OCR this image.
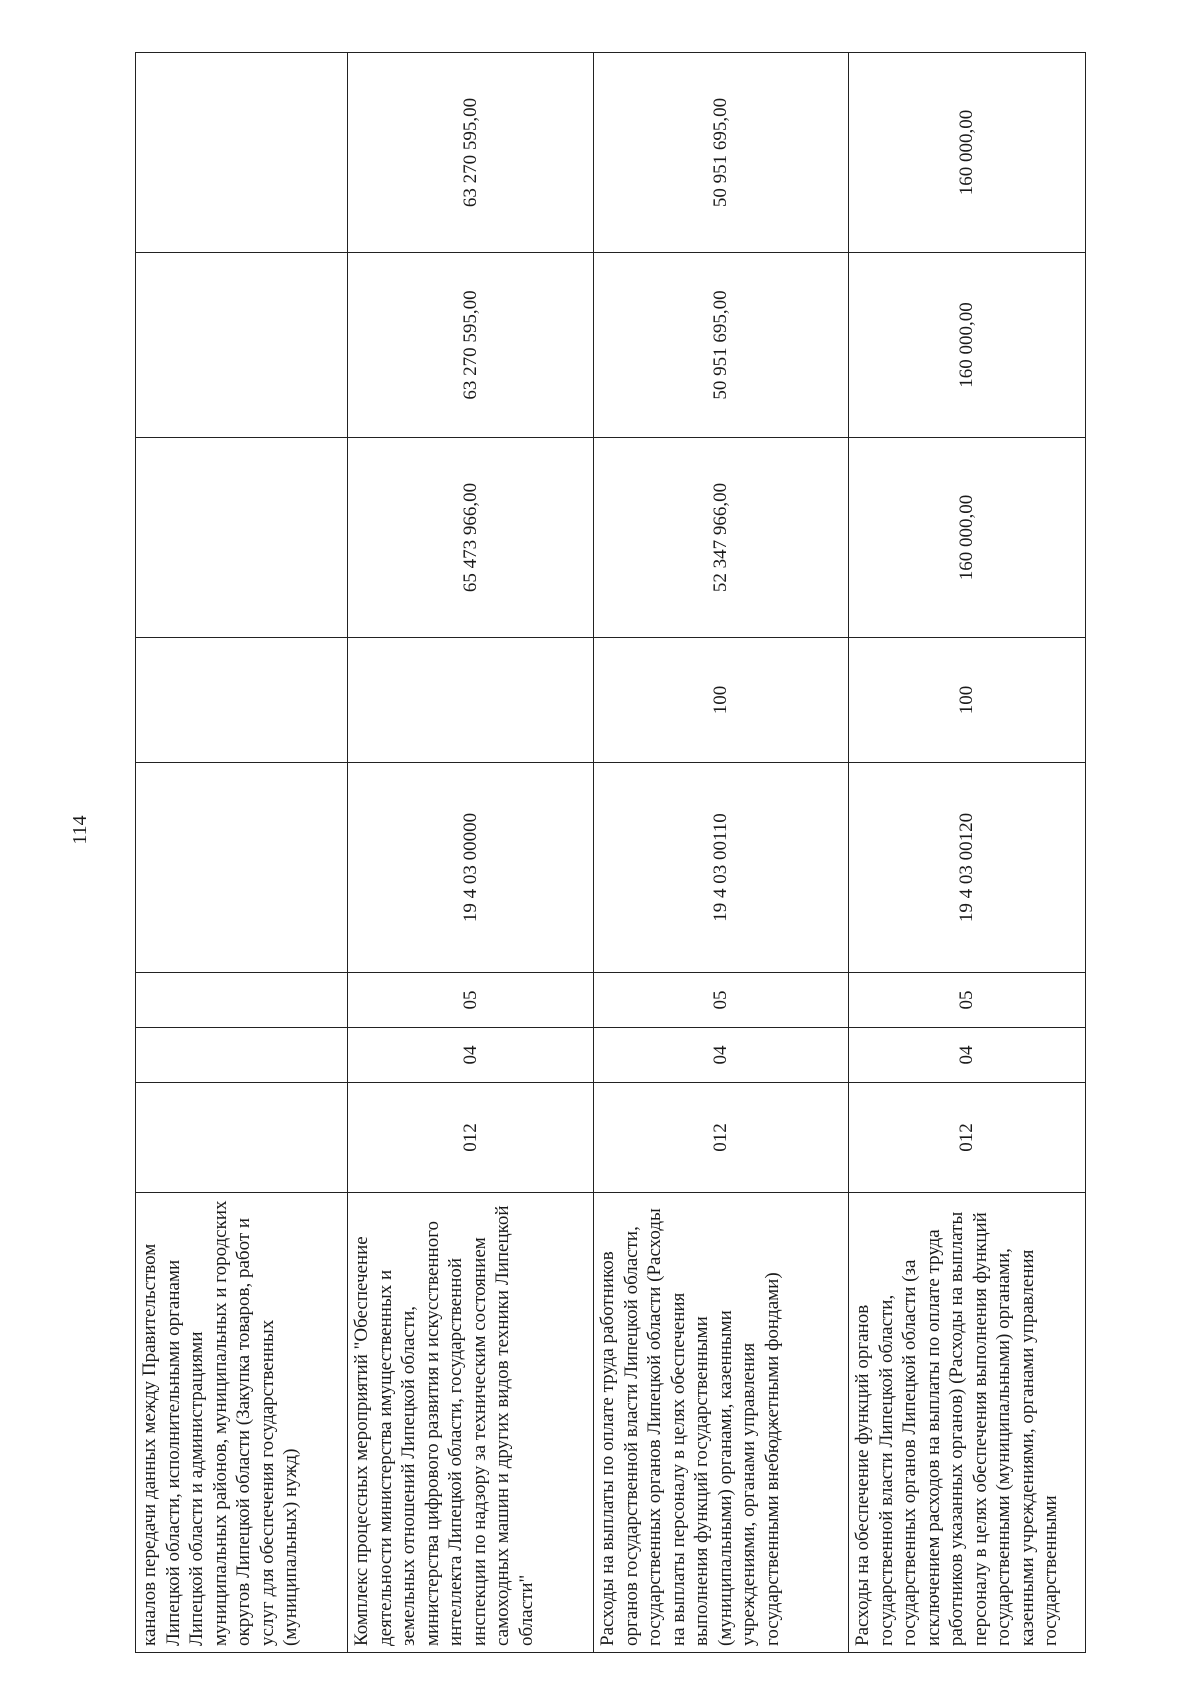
114
каналов передачи данных между Правительством Липецкой области, исполнительными органами Липецкой области и администрациями муниципальных районов, муниципальных и городских округов Липецкой области (Закупка товаров, работ и услуг для обеспечения государственных (муниципальных) нужд)								
Комплекс процессных мероприятий "Обеспечение деятельности министерства имущественных и земельных отношений Липецкой области, министерства цифрового развития и искусственного интеллекта Липецкой области, государственной инспекции по надзору за техническим состоянием самоходных машин и других видов техники Липецкой области"	012	04	05	19 4 03 00000		65 473 966,00	63 270 595,00	63 270 595,00
Расходы на выплаты по оплате труда работников органов государственной власти Липецкой области, государственных органов Липецкой области (Расходы на выплаты персоналу в целях обеспечения выполнения функций государственными (муниципальными) органами, казенными учреждениями, органами управления государственными внебюджетными фондами)	012	04	05	19 4 03 00110	100	52 347 966,00	50 951 695,00	50 951 695,00
Расходы на обеспечение функций органов государственной власти Липецкой области, государственных органов Липецкой области (за исключением расходов на выплаты по оплате труда работников указанных органов) (Расходы на выплаты персоналу в целях обеспечения выполнения функций государственными (муниципальными) органами, казенными учреждениями, органами управления государственными	012	04	05	19 4 03 00120	100	160 000,00	160 000,00	160 000,00
